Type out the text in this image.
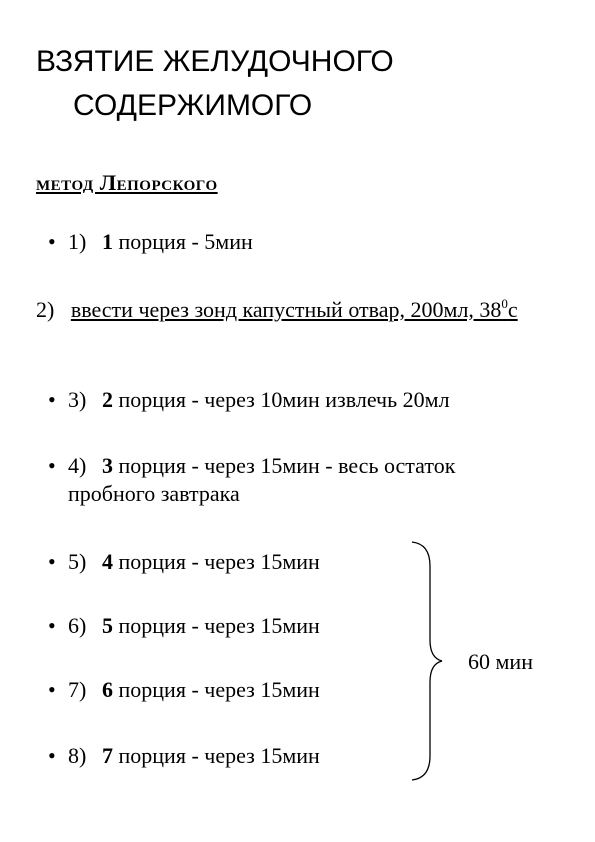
ВЗЯТИЕ ЖЕЛУДОЧНОГО
СОДЕРЖИМОГО
метод Лепорского
• 1) 1 порция - 5мин
2) ввести через зонд капустный отвар, 200мл, $38^0с$
• 3) 2 порция - через 10мин извлечь 20мл
• 4) 3 порция - через 15мин - весь остаток
пробного завтрака
• 5) 4 порция - через 15мин
• 6) 5 порция - через 15мин
• 7) 6 порция - через 15мин
• 8) 7 порция - через 15мин
60 мин
